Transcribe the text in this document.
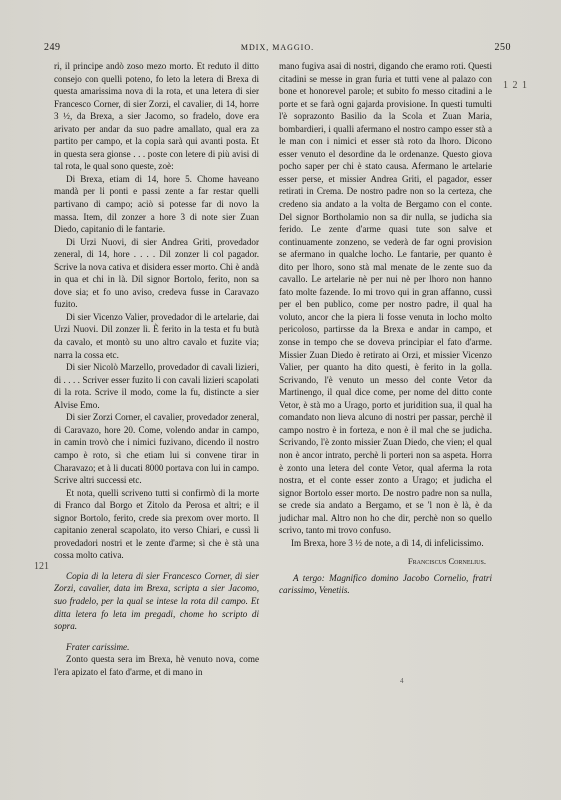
249	MDIX, MAGGIO.	250
121
1 2 1

ri, il principe andò zoso mezo morto. Et reduto il ditto consejo con quelli poteno, fo leto la letera di Brexa di questa amarissima nova di la rota, et una letera di sier Francesco Corner, di sier Zorzi, el cavalier, di 14, horre 3 ½, da Brexa, a sier Jacomo, so fradelo, dove era arivato per andar da suo padre amallato, qual era za partito per campo, et la copia sarà qui avanti posta. Et in questa sera gionse . . . poste con letere di più avisi di tal rota, le qual sono queste, zoè:

Di Brexa, etiam di 14, hore 5. Chome haveano mandà per li ponti e passi zente a far restar quelli partivano di campo; aciò si potesse far di novo la massa. Item, dil zonzer a hore 3 di note sier Zuan Diedo, capitanio di le fantarie.

Di Urzi Nuovi, di sier Andrea Griti, provedador zeneral, di 14, hore . . . . Dil zonzer li col pagador. Scrive la nova cativa et disidera esser morto. Chi è andà in qua et chi in là. Dil signor Bortolo, ferito, non sa dove sia; et fo uno aviso, credeva fusse in Caravazo fuzito.

Di sier Vicenzo Valier, provedador di le artelarie, dai Urzi Nuovi. Dil zonzer lì. È ferito in la testa et fu butà da cavalo, et montò su uno altro cavalo et fuzite via; narra la cossa etc.

Di sier Nicolò Marzello, provedador di cavali lizieri, di . . . . Scriver esser fuzito li con cavali lizieri scapolati di la rota. Scrive il modo, come la fu, distincte a sier Alvise Emo.

Di sier Zorzi Corner, el cavalier, provedador zeneral, di Caravazo, hore 20. Come, volendo andar in campo, in camin trovò che i nimici fuzivano, dicendo il nostro campo è roto, sì che etiam lui si convene tirar in Charavazo; et à li ducati 8000 portava con lui in campo. Scrive altri successi etc.

Et nota, quelli scriveno tutti si confirmò di la morte di Franco dal Borgo et Zitolo da Perosa et altri; e il signor Bortolo, ferito, crede sia prexom over morto. Il capitanio zeneral scapolato, ito verso Chiari, e cussì li provedadori nostri et le zente d'arme; sì che è stà una cossa molto cativa.

Copia di la letera di sier Francesco Corner, di sier Zorzi, cavalier, data im Brexa, scripta a sier Jacomo, suo fradelo, per la qual se intese la rota dil campo. Et ditta letera fo leta im pregadi, chome ho scripto di sopra.

Frater carissime.

Zonto questa sera im Brexa, hè venuto nova, come l'era apizato el fato d'arme, et di mano in

mano fugiva asai di nostri, digando che eramo roti. Questi citadini se messe in gran furia et tutti vene al palazo con bone et honorevel parole; et subito fo messo citadini a le porte et se farà ogni gajarda provisione. In questi tumulti l'è soprazonto Basilio da la Scola et Zuan Maria, bombardieri, i qualli afermano el nostro campo esser stà a le man con i nimici et esser stà roto da lhoro. Dicono esser venuto el desordine da le ordenanze. Questo giova pocho saper per chi è stato causa. Afermano le artelarie esser perse, et missier Andrea Griti, el pagador, esser retirati in Crema. De nostro padre non so la certeza, che credeno sia andato a la volta de Bergamo con el conte. Del signor Bortholamio non sa dir nulla, se judicha sia ferido. Le zente d'arme quasi tute son salve et continuamente zonzeno, se vederà de far ogni provision se afermano in qualche locho. Le fantarie, per quanto è dito per lhoro, sono stà mal menate de le zente suo da cavallo. Le artelarie nè per nui nè per lhoro non hanno fato molte fazende. Io mi trovo qui in gran affanno, cussì per el ben publico, come per nostro padre, il qual ha voluto, ancor che la piera li fosse venuta in locho molto pericoloso, partirsse da la Brexa e andar in campo, et zonse in tempo che se doveva principiar el fato d'arme. Missier Zuan Diedo è retirato ai Orzi, et missier Vicenzo Valier, per quanto ha dito questi, è ferito in la golla. Scrivando, l'è venuto un messo del conte Vetor da Martinengo, il qual dice come, per nome del ditto conte Vetor, è stà mo a Urago, porto et juridition sua, il qual ha comandato non lieva alcuno di nostri per passar, perchè il campo nostro è in forteza, e non è il mal che se judicha. Scrivando, l'è zonto missier Zuan Diedo, che vien; el qual non è ancor intrato, perchè li porteri non sa aspeta. Horra è zonto una letera del conte Vetor, qual aferma la rota nostra, et el conte esser zonto a Urago; et judicha el signor Bortolo esser morto. De nostro padre non sa nulla, se crede sia andato a Bergamo, et se 'l non è là, è da judichar mal. Altro non ho che dir, perchè non so quello scrivo, tanto mi trovo confuso.

Im Brexa, hore 3 ½ de note, a dì 14, di infelicissimo.

Franciscus Cornelius.
A tergo: Magnifico domino Jacobo Cornelio, fratri carissimo, Venetiis.
4
